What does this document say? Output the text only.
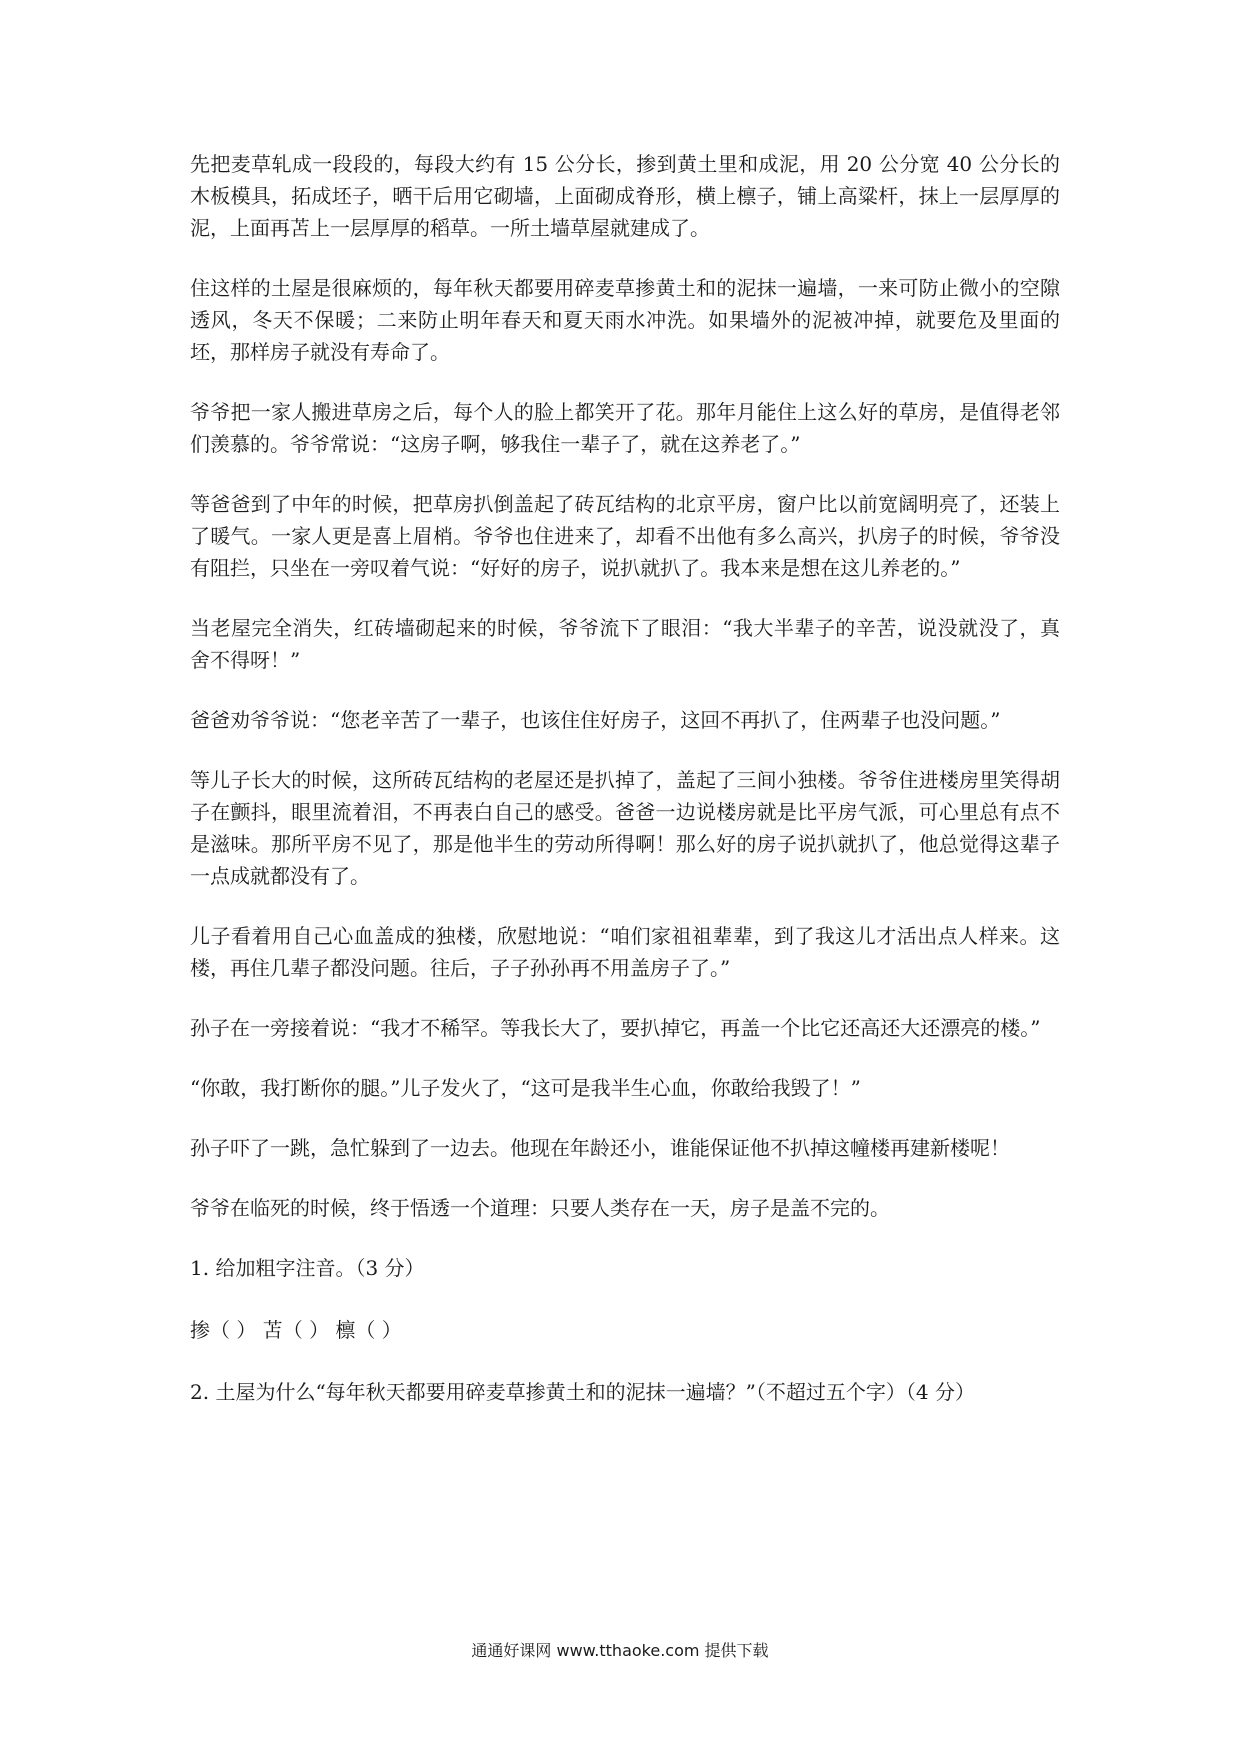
先把麦草轧成一段段的，每段大约有 15 公分长，掺到黄土里和成泥，用 20 公分宽 40 公分长的木板模具，拓成坯子，晒干后用它砌墙，上面砌成脊形，横上檩子，铺上高粱杆，抹上一层厚厚的泥，上面再苫上一层厚厚的稻草。一所土墙草屋就建成了。

住这样的土屋是很麻烦的，每年秋天都要用碎麦草掺黄土和的泥抹一遍墙，一来可防止微小的空隙透风，冬天不保暖；二来防止明年春天和夏天雨水冲洗。如果墙外的泥被冲掉，就要危及里面的坯，那样房子就没有寿命了。

爷爷把一家人搬进草房之后，每个人的脸上都笑开了花。那年月能住上这么好的草房，是值得老邻们羡慕的。爷爷常说：“这房子啊，够我住一辈子了，就在这养老了。”

等爸爸到了中年的时候，把草房扒倒盖起了砖瓦结构的北京平房，窗户比以前宽阔明亮了，还装上了暖气。一家人更是喜上眉梢。爷爷也住进来了，却看不出他有多么高兴，扒房子的时候，爷爷没有阻拦，只坐在一旁叹着气说：“好好的房子，说扒就扒了。我本来是想在这儿养老的。”

当老屋完全消失，红砖墙砌起来的时候，爷爷流下了眼泪：“我大半辈子的辛苦，说没就没了，真舍不得呀！”

爸爸劝爷爷说：“您老辛苦了一辈子，也该住住好房子，这回不再扒了，住两辈子也没问题。”

等儿子长大的时候，这所砖瓦结构的老屋还是扒掉了，盖起了三间小独楼。爷爷住进楼房里笑得胡子在颤抖，眼里流着泪，不再表白自己的感受。爸爸一边说楼房就是比平房气派，可心里总有点不是滋味。那所平房不见了，那是他半生的劳动所得啊！那么好的房子说扒就扒了，他总觉得这辈子一点成就都没有了。

儿子看着用自己心血盖成的独楼，欣慰地说：“咱们家祖祖辈辈，到了我这儿才活出点人样来。这楼，再住几辈子都没问题。往后，子子孙孙再不用盖房子了。”

孙子在一旁接着说：“我才不稀罕。等我长大了，要扒掉它，再盖一个比它还高还大还漂亮的楼。”

“你敢，我打断你的腿。”儿子发火了，“这可是我半生心血，你敢给我毁了！”

孙子吓了一跳，急忙躲到了一边去。他现在年龄还小，谁能保证他不扒掉这幢楼再建新楼呢！

爷爷在临死的时候，终于悟透一个道理：只要人类存在一天，房子是盖不完的。

1. 给加粗字注音。（3 分）

掺（ ） 苫（ ） 檩（ ）

2. 土屋为什么“每年秋天都要用碎麦草掺黄土和的泥抹一遍墙？”（不超过五个字）（4 分）

通通好课网 www.tthaoke.com 提供下载
